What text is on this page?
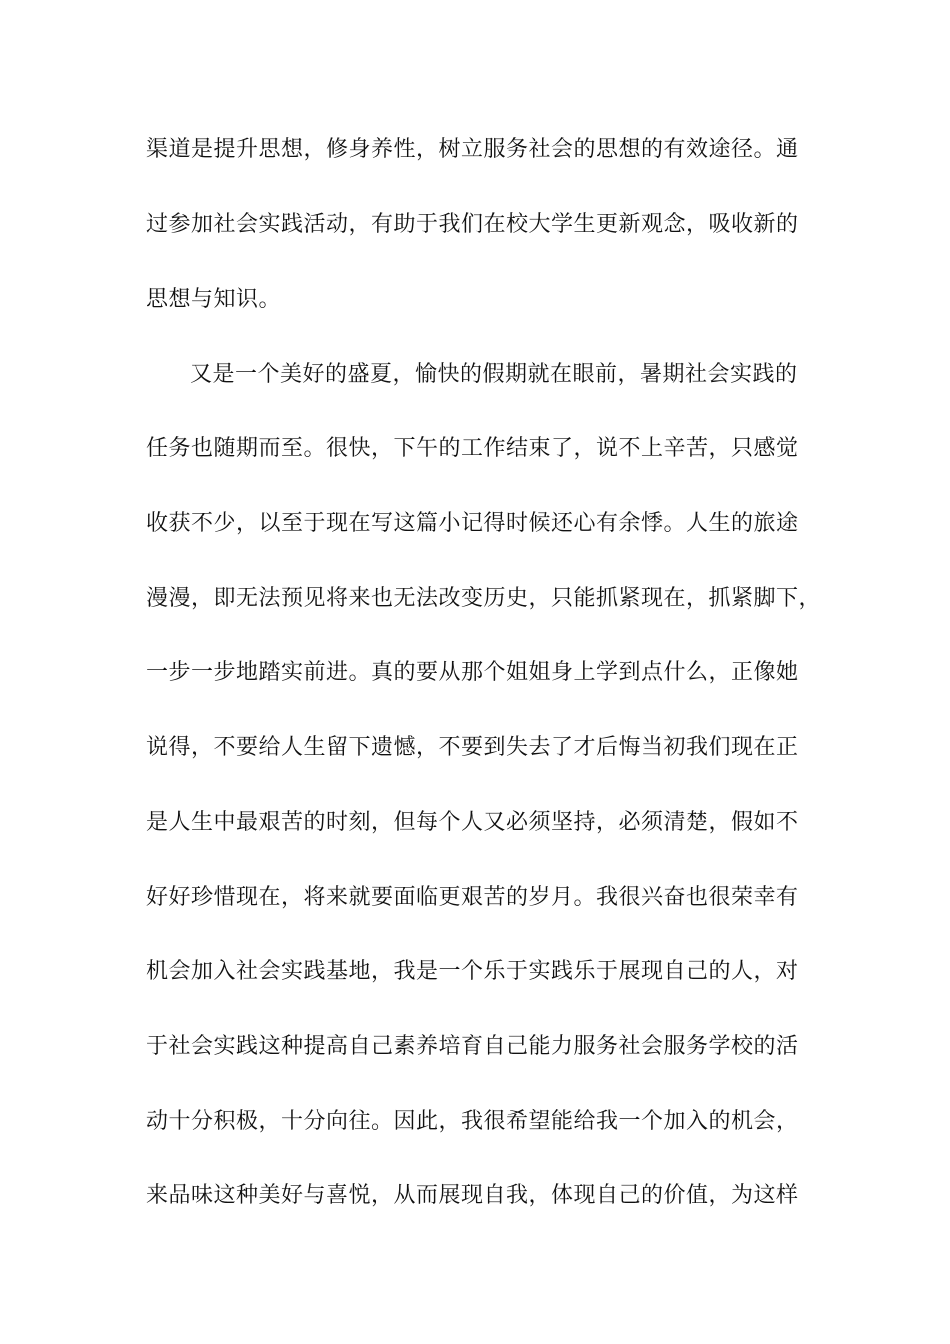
渠道是提升思想，修身养性，树立服务社会的思想的有效途径。通
过参加社会实践活动，有助于我们在校大学生更新观念，吸收新的
思想与知识。
又是一个美好的盛夏，愉快的假期就在眼前，暑期社会实践的
任务也随期而至。很快，下午的工作结束了，说不上辛苦，只感觉
收获不少，以至于现在写这篇小记得时候还心有余悸。人生的旅途
漫漫，即无法预见将来也无法改变历史，只能抓紧现在，抓紧脚下，
一步一步地踏实前进。真的要从那个姐姐身上学到点什么，正像她
说得，不要给人生留下遗憾，不要到失去了才后悔当初我们现在正
是人生中最艰苦的时刻，但每个人又必须坚持，必须清楚，假如不
好好珍惜现在，将来就要面临更艰苦的岁月。我很兴奋也很荣幸有
机会加入社会实践基地，我是一个乐于实践乐于展现自己的人，对
于社会实践这种提高自己素养培育自己能力服务社会服务学校的活
动十分积极，十分向往。因此，我很希望能给我一个加入的机会，
来品味这种美好与喜悦，从而展现自我，体现自己的价值，为这样
